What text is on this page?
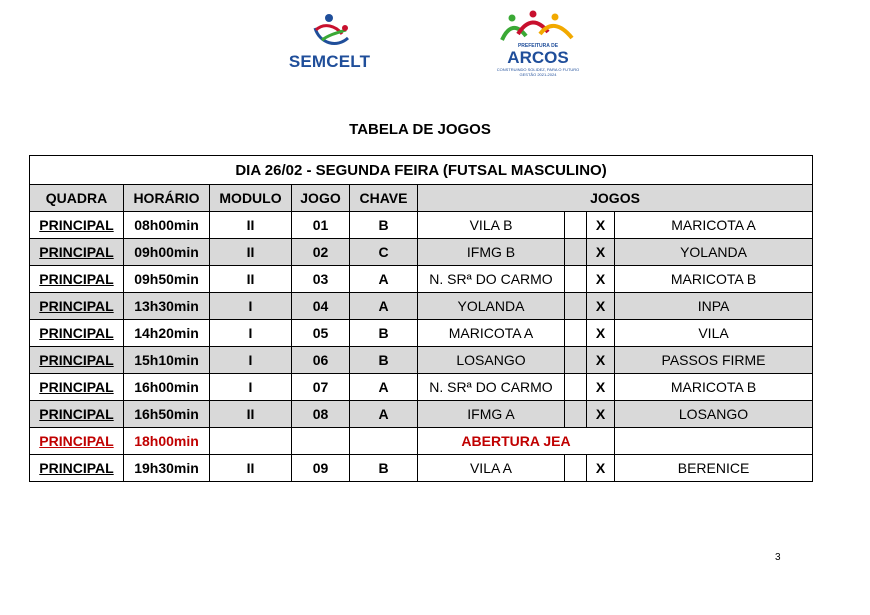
SEMCELT
PREFEITURA DE
ARCOS
CONSTRUINDO SOLIDEZ, PARA O FUTURO GESTÃO 2021-2024
TABELA DE JOGOS
DIA 26/02 - SEGUNDA FEIRA (FUTSAL MASCULINO)								
QUADRA	HORÁRIO	MODULO	JOGO	CHAVE	JOGOS			
PRINCIPAL	08h00min	II	01	B	VILA B		X	MARICOTA A
PRINCIPAL	09h00min	II	02	C	IFMG B		X	YOLANDA
PRINCIPAL	09h50min	II	03	A	N. SRª DO CARMO		X	MARICOTA B
PRINCIPAL	13h30min	I	04	A	YOLANDA		X	INPA
PRINCIPAL	14h20min	I	05	B	MARICOTA A		X	VILA
PRINCIPAL	15h10min	I	06	B	LOSANGO		X	PASSOS FIRME
PRINCIPAL	16h00min	I	07	A	N. SRª DO CARMO		X	MARICOTA B
PRINCIPAL	16h50min	II	08	A	IFMG A		X	LOSANGO
PRINCIPAL	18h00min				ABERTURA JEA			
PRINCIPAL	19h30min	II	09	B	VILA A		X	BERENICE
3
